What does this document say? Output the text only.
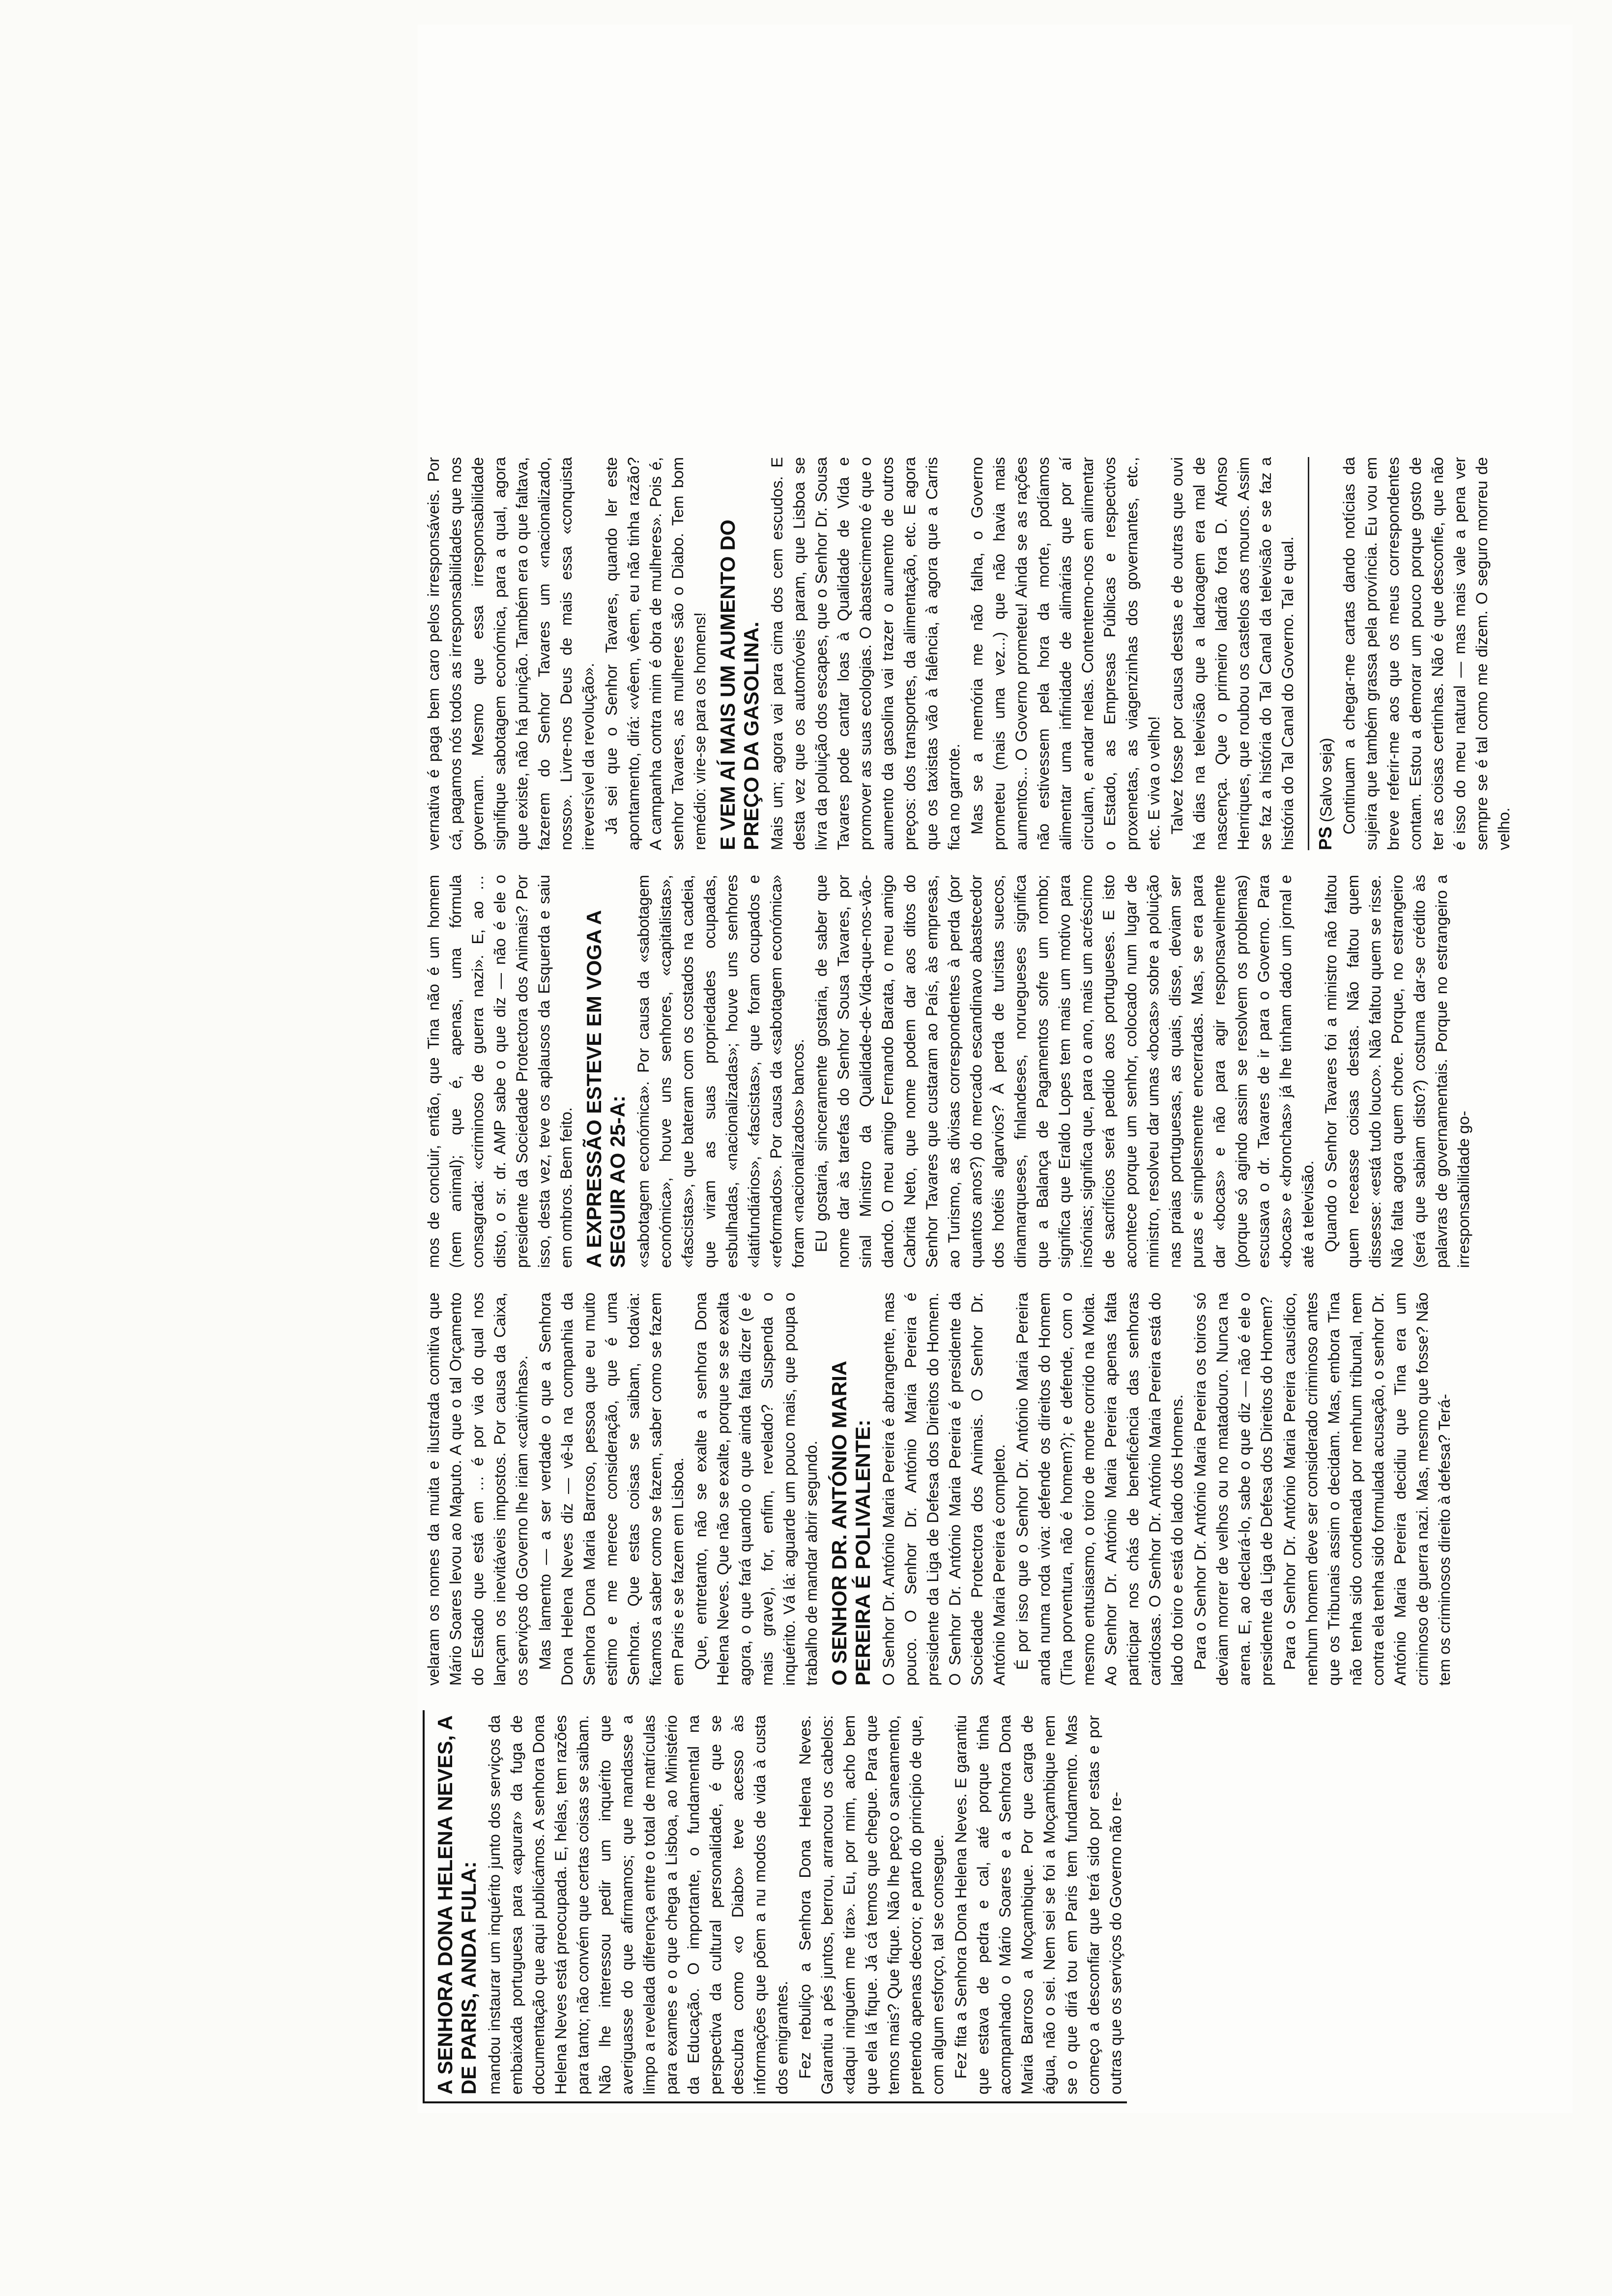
A SENHORA DONA HELENA NEVES, A DE PARIS, ANDA FULA: mandou instaurar um inquérito junto dos serviços da embaixada portuguesa para «apurar» da fuga de documentação que aqui publicámos. A senhora Dona Helena Neves está preocupada. E, hélas, tem razões para tanto; não convém que certas coisas se saibam. Não lhe interessou pedir um inquérito que averiguasse do que afirmamos; que mandasse a limpo a revelada diferença entre o total de matrículas para exames e o que chega a Lisboa, ao Ministério da Educação. O importante, o fundamental na perspectiva da cultural personalidade, é que se descubra como «o Diabo» teve acesso às informações que põem a nu modos de vida à custa dos emigrantes. Fez rebuliço a Senhora Dona Helena Neves. Garantiu a pés juntos, berrou, arrancou os cabelos: «daqui ninguém me tira». Eu, por mim, acho bem que ela lá fique. Já cá temos que chegue. Para que temos mais? Que fique. Não lhe peço o saneamento, pretendo apenas decoro; e parto do princípio de que, com algum esforço, tal se consegue. Fez fita a Senhora Dona Helena Neves. E garantiu que estava de pedra e cal, até porque tinha acompanhado o Mário Soares e a Senhora Dona Maria Barroso a Moçambique. Por que carga de água, não o sei. Nem sei se foi a Moçambique nem se o que dirá tou em Paris tem fundamento. Mas começo a desconfiar que terá sido por estas e por outras que os serviços do Governo não re-

velaram os nomes da muita e ilustrada comitiva que Mário Soares levou ao Maputo. A que o tal Orçamento do Estado que está em … é por via do qual nos lançam os inevitáveis impostos. Por causa da Caixa, os serviços do Governo lhe iriam «cativinhas». Mas lamento — a ser verdade o que a Senhora Dona Helena Neves diz — vê-la na companhia da Senhora Dona Maria Barroso, pessoa que eu muito estimo e me merece consideração, que é uma Senhora. Que estas coisas se saibam, todavia: ficamos a saber como se fazem, saber como se fazem em Paris e se fazem em Lisboa. Que, entretanto, não se exalte a senhora Dona Helena Neves. Que não se exalte, porque se se exalta agora, o que fará quando o que ainda falta dizer (e é mais grave), for, enfim, revelado? Suspenda o inquérito. Vá lá: aguarde um pouco mais, que poupa o trabalho de mandar abrir segundo. O SENHOR DR. ANTÓNIO MARIA PEREIRA É POLIVALENTE: O Senhor Dr. António Maria Pereira é abrangente, mas pouco. O Senhor Dr. António Maria Pereira é presidente da Liga de Defesa dos Direitos do Homem. O Senhor Dr. António Maria Pereira é presidente da Sociedade Protectora dos Animais. O Senhor Dr. António Maria Pereira é completo. É por isso que o Senhor Dr. António Maria Pereira anda numa roda viva: defende os direitos do Homem (Tina porventura, não é homem?); e defende, com o mesmo entusiasmo, o toiro de morte corrido na Moita. Ao Senhor Dr. António Maria Pereira apenas falta participar nos chás de beneficência das senhoras caridosas. O Senhor Dr. António Maria Pereira está do lado do toiro e está do lado dos Homens. Para o Senhor Dr. António Maria Pereira os toiros só deviam morrer de velhos ou no matadouro. Nunca na arena. E, ao declará-lo, sabe o que diz — não é ele o presidente da Liga de Defesa dos Direitos do Homem? Para o Senhor Dr. António Maria Pereira causídico, nenhum homem deve ser considerado criminoso antes que os Tribunais assim o decidam. Mas, embora Tina não tenha sido condenada por nenhum tribunal, nem contra ela tenha sido formulada acusação, o senhor Dr. António Maria Pereira decidiu que Tina era um criminoso de guerra nazi. Mas, mesmo que fosse? Não tem os criminosos direito à defesa? Terá-

mos de concluir, então, que Tina não é um homem (nem animal); que é, apenas, uma fórmula consagrada: «criminoso de guerra nazi». E, ao … disto, o sr. dr. AMP sabe o que diz — não é ele o presidente da Sociedade Protectora dos Animais? Por isso, desta vez, teve os aplausos da Esquerda e saiu em ombros. Bem feito. A EXPRESSÃO ESTEVE EM VOGA A SEGUIR AO 25-A: «sabotagem económica». Por causa da «sabotagem económica», houve uns senhores, «capitalistas», «fascistas», que bateram com os costados na cadeia, que viram as suas propriedades ocupadas, esbulhadas, «nacionalizadas»; houve uns senhores «latifundiários», «fascistas», que foram ocupados e «reformados». Por causa da «sabotagem económica» foram «nacionalizados» bancos. EU gostaria, sinceramente gostaria, de saber que nome dar às tarefas do Senhor Sousa Tavares, por sinal Ministro da Qualidade-de-Vida-que-nos-vão-dando. O meu amigo Fernando Barata, o meu amigo Cabrita Neto, que nome podem dar aos ditos do Senhor Tavares que custaram ao País, às empresas, ao Turismo, as divisas correspondentes à perda (por quantos anos?) do mercado escandinavo abastecedor dos hotéis algarvios? À perda de turistas suecos, dinamarqueses, finlandeses, noruegueses significa que a Balança de Pagamentos sofre um rombo; significa que Eraldo Lopes tem mais um motivo para insónias; significa que, para o ano, mais um acréscimo de sacrifícios será pedido aos portugueses. E isto acontece porque um senhor, colocado num lugar de ministro, resolveu dar umas «bocas» sobre a poluição nas praias portuguesas, as quais, disse, deviam ser puras e simplesmente encerradas. Mas, se era para dar «bocas» e não para agir responsavelmente (porque só agindo assim se resolvem os problemas) escusava o dr. Tavares de ir para o Governo. Para «bocas» e «bronchas» já lhe tinham dado um jornal e até a televisão. Quando o Senhor Tavares foi a ministro não faltou quem receasse coisas destas. Não faltou quem dissesse: «está tudo louco». Não faltou quem se risse. Não falta agora quem chore. Porque, no estrangeiro (será que sabiam disto?) costuma dar-se crédito às palavras de governamentais. Porque no estrangeiro a irresponsabilidade go-

vernativa é paga bem caro pelos irresponsáveis. Por cá, pagamos nós todos as irresponsabilidades que nos governam. Mesmo que essa irresponsabilidade signifique sabotagem económica, para a qual, agora que existe, não há punição. Também era o que faltava, fazerem do Senhor Tavares um «nacionalizado, nosso». Livre-nos Deus de mais essa «conquista irreversível da revolução». Já sei que o Senhor Tavares, quando ler este apontamento, dirá: «vêem, vêem, eu não tinha razão? A campanha contra mim é obra de mulheres». Pois é, senhor Tavares, as mulheres são o Diabo. Tem bom remédio: vire-se para os homens! E VEM AÍ MAIS UM AUMENTO DO PREÇO DA GASOLINA. Mais um; agora vai para cima dos cem escudos. E desta vez que os automóveis param, que Lisboa se livra da poluição dos escapes, que o Senhor Dr. Sousa Tavares pode cantar loas à Qualidade de Vida e promover as suas ecologias. O abastecimento é que o aumento da gasolina vai trazer o aumento de outros preços: dos transportes, da alimentação, etc. E agora que os taxistas vão à falência, à agora que a Carris fica no garrote. Mas se a memória me não falha, o Governo prometeu (mais uma vez...) que não havia mais aumentos... O Governo prometeu! Ainda se as rações não estivessem pela hora da morte, podíamos alimentar uma infinidade de alimárias que por aí circulam, e andar nelas. Contentemo-nos em alimentar o Estado, as Empresas Públicas e respectivos proxenetas, as viagenzinhas dos governantes, etc., etc. E viva o velho! Talvez fosse por causa destas e de outras que ouvi há dias na televisão que a ladroagem era mal de nascença. Que o primeiro ladrão fora D. Afonso Henriques, que roubou os castelos aos mouros. Assim se faz a história do Tal Canal da televisão e se faz a história do Tal Canal do Governo. Tal e qual. PS (Salvo seja) Continuam a chegar-me cartas dando notícias da sujeira que também grassa pela província. Eu vou em breve referir-me aos que os meus correspondentes contam. Estou a demorar um pouco porque gosto de ter as coisas certinhas. Não é que desconfie, que não é isso do meu natural — mas mais vale a pena ver sempre se é tal como me dizem. O seguro morreu de velho.
